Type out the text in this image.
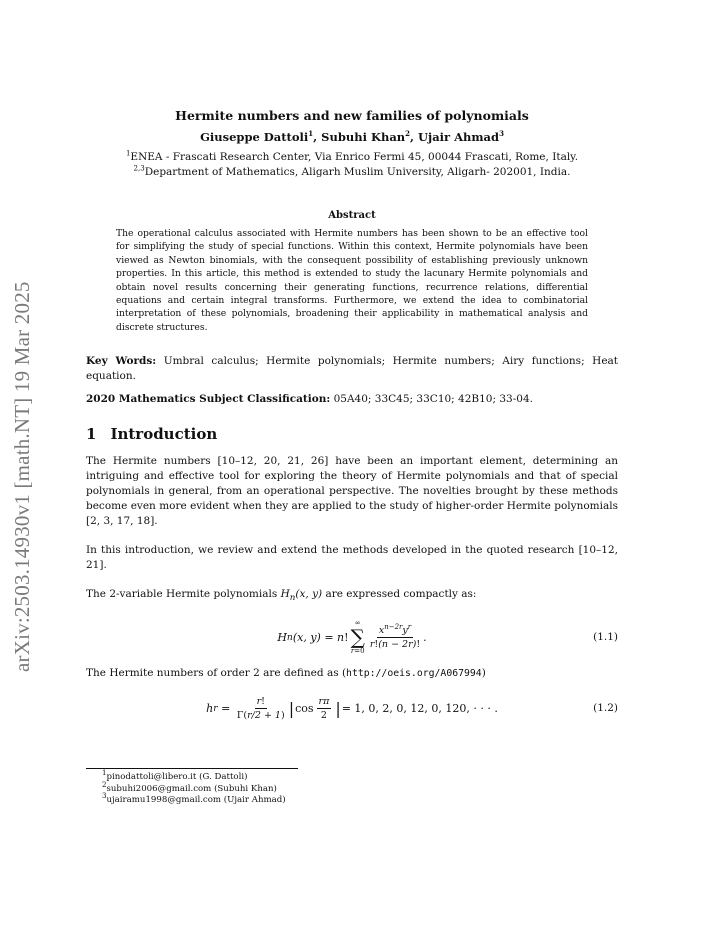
arXiv:2503.14930v1 [math.NT] 19 Mar 2025
Hermite numbers and new families of polynomials
Giuseppe Dattoli$^1$, Subuhi Khan$^2$, Ujair Ahmad$^3$
$^1$ENEA - Frascati Research Center, Via Enrico Fermi 45, 00044 Frascati, Rome, Italy.
$^{2,3}$Department of Mathematics, Aligarh Muslim University, Aligarh- 202001, India.
Abstract
The operational calculus associated with Hermite numbers has been shown to be an effective tool for simplifying the study of special functions. Within this context, Hermite polynomials have been viewed as Newton binomials, with the consequent possibility of establishing previously unknown properties. In this article, this method is extended to study the lacunary Hermite polynomials and obtain novel results concerning their generating functions, recurrence relations, differential equations and certain integral transforms. Furthermore, we extend the idea to combinatorial interpretation of these polynomials, broadening their applicability in mathematical analysis and discrete structures.
Key Words: Umbral calculus; Hermite polynomials; Hermite numbers; Airy functions; Heat equation.
2020 Mathematics Subject Classification: 05A40; 33C45; 33C10; 42B10; 33-04.
1 Introduction

The Hermite numbers [10–12, 20, 21, 26] have been an important element, determining an intriguing and effective tool for exploring the theory of Hermite polynomials and that of special polynomials in general, from an operational perspective. The novelties brought by these methods become even more evident when they are applied to the study of higher-order Hermite polynomials [2, 3, 17, 18].

In this introduction, we review and extend the methods developed in the quoted research [10–12, 21].

The 2-variable Hermite polynomials $H_n(x$, y) are expressed compactly as:

H n (x, y) = n !
∞
∑
r=0
$\frac{x^{n-2r}y^r}{r!(n - 2r)!}$ .	(1.1)

The Hermite numbers of order 2 are defined as (http://oeis.org/A067994)

h $r = \frac{r!}{\Gamma(r/2 + 1)}$ | $\cos \frac{r\pi}{2}$ | = 1, 0, 2, 0, 12, 0, 120, · · · .	(1.2)
$^1$pinodattoli@libero.it (G. Dattoli)
$^2$subuhi2006@gmail.com (Subuhi Khan)
$^3$ujairamu1998@gmail.com (Ujair Ahmad)
